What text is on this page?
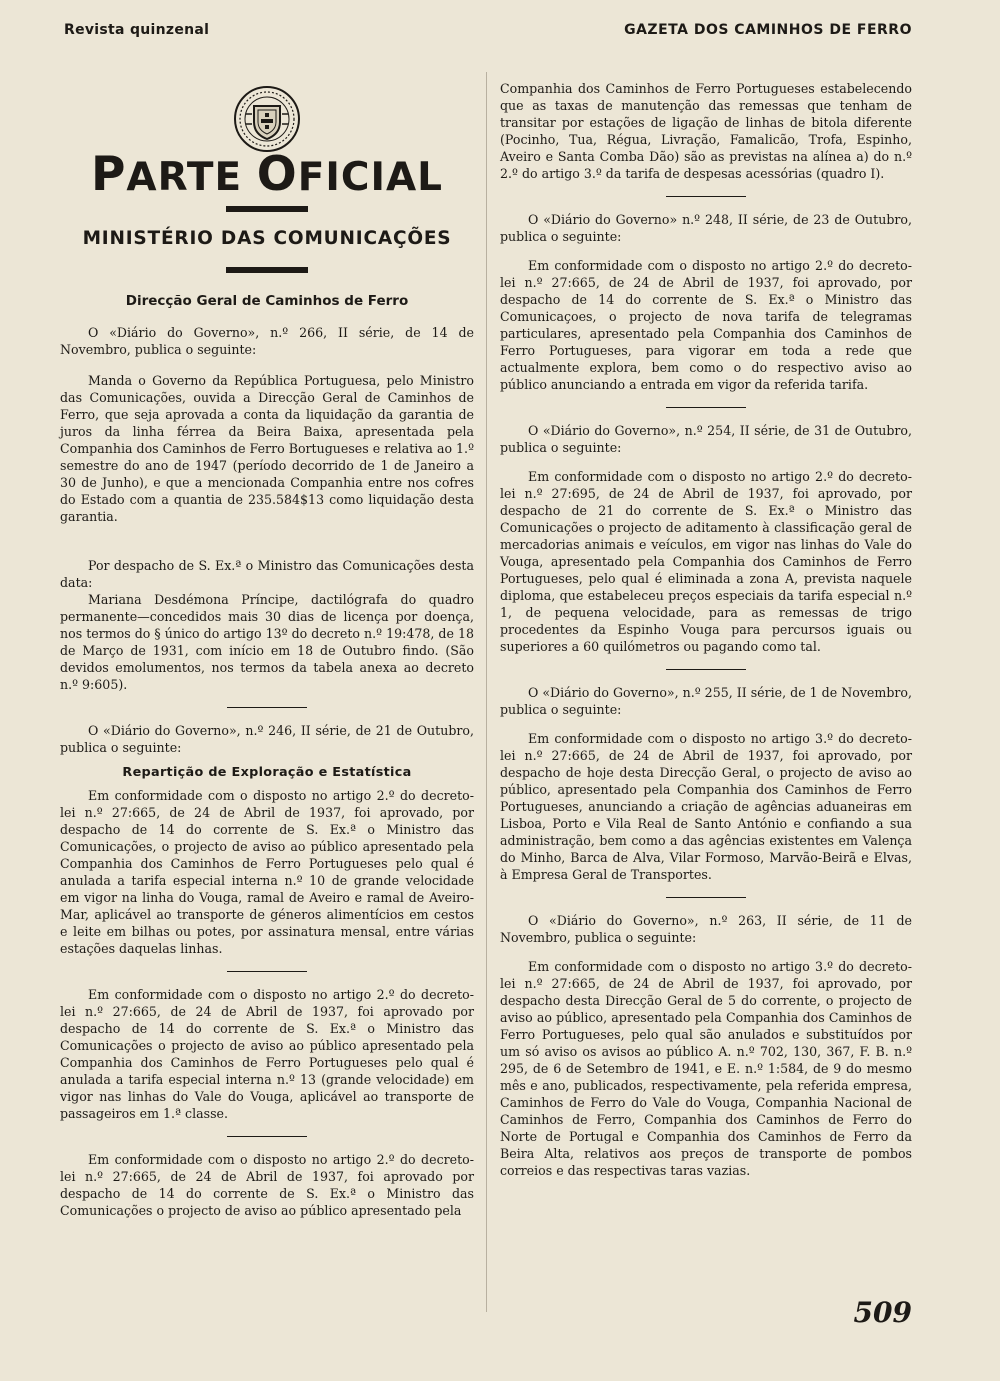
Revista quinzenal	GAZETA DOS CAMINHOS DE FERRO
PARTE OFICIAL
MINISTÉRIO DAS COMUNICAÇÕES
Direcção Geral de Caminhos de Ferro

O «Diário do Governo», n.º 266, II série, de 14 de Novembro, publica o seguinte:

Manda o Governo da República Portuguesa, pelo Ministro das Comunicações, ouvida a Direcção Geral de Caminhos de Ferro, que seja aprovada a conta da liquidação da garantia de juros da linha férrea da Beira Baixa, apresentada pela Companhia dos Caminhos de Ferro Bortugueses e relativa ao 1.º semestre do ano de 1947 (período decorrido de 1 de Janeiro a 30 de Junho), e que a mencionada Companhia entre nos cofres do Estado com a quantia de 235.584$13 como liquidação desta garantia.

Por despacho de S. Ex.ª o Ministro das Comunicações desta data:

Mariana Desdémona Príncipe, dactilógrafa do quadro permanente—concedidos mais 30 dias de licença por doença, nos termos do § único do artigo 13º do decreto n.º 19:478, de 18 de Março de 1931, com início em 18 de Outubro findo. (São devidos emolumentos, nos termos da tabela anexa ao decreto n.º 9:605).

O «Diário do Governo», n.º 246, II série, de 21 de Outubro, publica o seguinte:

Repartição de Exploração e Estatística

Em conformidade com o disposto no artigo 2.º do decreto-lei n.º 27:665, de 24 de Abril de 1937, foi aprovado, por despacho de 14 do corrente de S. Ex.ª o Ministro das Comunicações, o projecto de aviso ao público apresentado pela Companhia dos Caminhos de Ferro Portugueses pelo qual é anulada a tarifa especial interna n.º 10 de grande velocidade em vigor na linha do Vouga, ramal de Aveiro e ramal de Aveiro-Mar, aplicável ao transporte de géneros alimentícios em cestos e leite em bilhas ou potes, por assinatura mensal, entre várias estações daquelas linhas.

Em conformidade com o disposto no artigo 2.º do decreto-lei n.º 27:665, de 24 de Abril de 1937, foi aprovado por despacho de 14 do corrente de S. Ex.ª o Ministro das Comunicações o projecto de aviso ao público apresentado pela Companhia dos Caminhos de Ferro Portugueses pelo qual é anulada a tarifa especial interna n.º 13 (grande velocidade) em vigor nas linhas do Vale do Vouga, aplicável ao transporte de passageiros em 1.ª classe.

Em conformidade com o disposto no artigo 2.º do decreto-lei n.º 27:665, de 24 de Abril de 1937, foi aprovado por despacho de 14 do corrente de S. Ex.ª o Ministro das Comunicações o projecto de aviso ao público apresentado pela

Companhia dos Caminhos de Ferro Portugueses estabelecendo que as taxas de manutenção das remessas que tenham de transitar por estações de ligação de linhas de bitola diferente (Pocinho, Tua, Régua, Livração, Famalicão, Trofa, Espinho, Aveiro e Santa Comba Dão) são as previstas na alínea a) do n.º 2.º do artigo 3.º da tarifa de despesas acessórias (quadro I).

O «Diário do Governo» n.º 248, II série, de 23 de Outubro, publica o seguinte:

Em conformidade com o disposto no artigo 2.º do decreto-lei n.º 27:665, de 24 de Abril de 1937, foi aprovado, por despacho de 14 do corrente de S. Ex.ª o Ministro das Comunicaçoes, o projecto de nova tarifa de telegramas particulares, apresentado pela Companhia dos Caminhos de Ferro Portugueses, para vigorar em toda a rede que actualmente explora, bem como o do respectivo aviso ao público anunciando a entrada em vigor da referida tarifa.

O «Diário do Governo», n.º 254, II série, de 31 de Outubro, publica o seguinte:

Em conformidade com o disposto no artigo 2.º do decreto-lei n.º 27:695, de 24 de Abril de 1937, foi aprovado, por despacho de 21 do corrente de S. Ex.ª o Ministro das Comunicações o projecto de aditamento à classificação geral de mercadorias animais e veículos, em vigor nas linhas do Vale do Vouga, apresentado pela Companhia dos Caminhos de Ferro Portugueses, pelo qual é eliminada a zona A, prevista naquele diploma, que estabeleceu preços especiais da tarifa especial n.º 1, de pequena velocidade, para as remessas de trigo procedentes da Espinho Vouga para percursos iguais ou superiores a 60 quilómetros ou pagando como tal.

O «Diário do Governo», n.º 255, II série, de 1 de Novembro, publica o seguinte:

Em conformidade com o disposto no artigo 3.º do decreto-lei n.º 27:665, de 24 de Abril de 1937, foi aprovado, por despacho de hoje desta Direcção Geral, o projecto de aviso ao público, apresentado pela Companhia dos Caminhos de Ferro Portugueses, anunciando a criação de agências aduaneiras em Lisboa, Porto e Vila Real de Santo António e confiando a sua administração, bem como a das agências existentes em Valença do Minho, Barca de Alva, Vilar Formoso, Marvão-Beirã e Elvas, à Empresa Geral de Transportes.

O «Diário do Governo», n.º 263, II série, de 11 de Novembro, publica o seguinte:

Em conformidade com o disposto no artigo 3.º do decreto-lei n.º 27:665, de 24 de Abril de 1937, foi aprovado, por despacho desta Direcção Geral de 5 do corrente, o projecto de aviso ao público, apresentado pela Companhia dos Caminhos de Ferro Portugueses, pelo qual são anulados e substituídos por um só aviso os avisos ao público A. n.º 702, 130, 367, F. B. n.º 295, de 6 de Setembro de 1941, e E. n.º 1:584, de 9 do mesmo mês e ano, publicados, respectivamente, pela referida empresa, Caminhos de Ferro do Vale do Vouga, Companhia Nacional de Caminhos de Ferro, Companhia dos Caminhos de Ferro do Norte de Portugal e Companhia dos Caminhos de Ferro da Beira Alta, relativos aos preços de transporte de pombos correios e das respectivas taras vazias.

509
